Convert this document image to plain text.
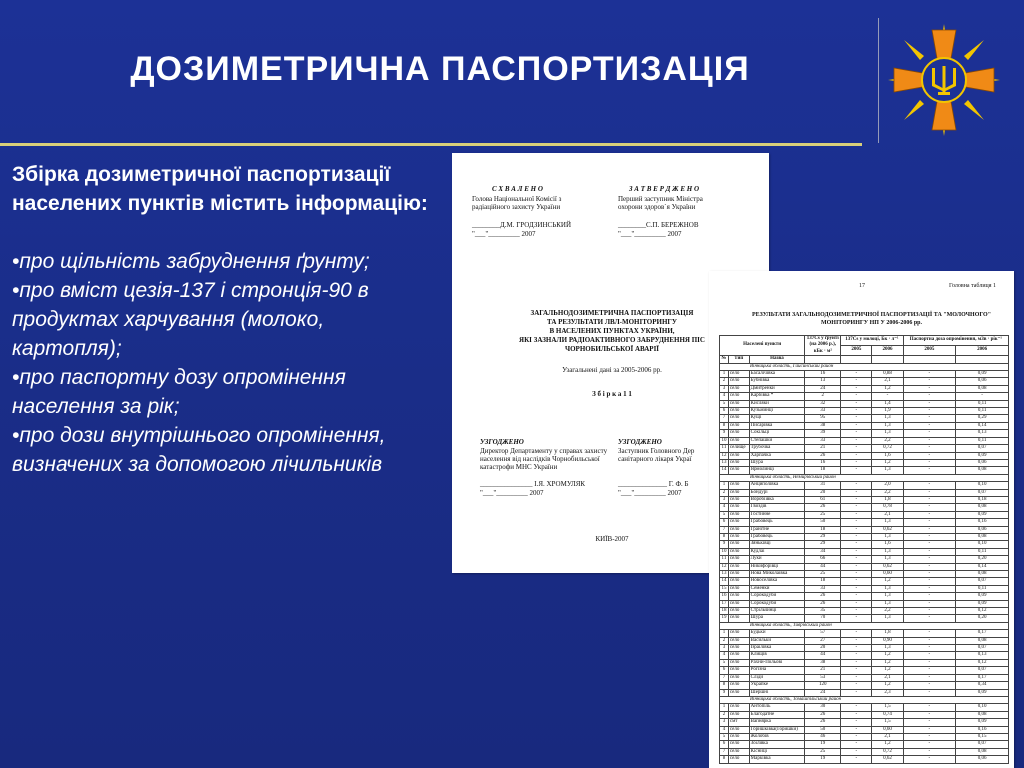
ДОЗИМЕТРИЧНА ПАСПОРТИЗАЦІЯ
Збірка дозиметричної паспортизації населених пунктів містить інформацію:
•про щільність забруднення ґрунту;
•про вміст цезія-137 і стронція-90 в продуктах харчування (молоко, картопля);
•про паспортну дозу опромінення населення за рік;
•про дози внутрішнього опромінення, визначених за допомогою лічильників
С Х В А Л Е Н О
Голова Національної Комісії з
радіаційного захисту України
________Д.М. ГРОДЗИНСЬКИЙ
"___"_________ 2007
З А Т В Е Р Д Ж Е Н О
Перший заступник Міністра
охорони здоров`я України
________С.П. БЕРЕЖНОВ
"___"_________ 2007
ЗАГАЛЬНОДОЗИМЕТРИЧНА ПАСПОРТИЗАЦІЯ
ТА РЕЗУЛЬТАТИ ЛВЛ-МОНІТОРИНГУ
В НАСЕЛЕНИХ ПУНКТАХ УКРАЇНИ,
ЯКІ ЗАЗНАЛИ РАДІОАКТИВНОГО ЗАБРУДНЕННЯ ПІС
ЧОРНОБИЛЬСЬКОЇ АВАРІЇ
Узагальнені дані за 2005-2006 рр.
З б і р к а 1 1
УЗГОДЖЕНО
Директор Департаменту у справах захисту
населення від наслідків Чорнобильської
катастрофи МНС України
_______________ І.Я. ХРОМУЛЯК
"___"_________ 2007
УЗГОДЖЕНО
Заступник Головного Дер
санітарного лікаря Украї
______________ Г. Ф. Б
"___"_________ 2007
КИЇВ-2007
17	Головна таблиця 1
РЕЗУЛЬТАТИ ЗАГАЛЬНОДОЗИМЕТРИЧНОЇ ПАСПОРТИЗАЦІЇ ТА "МОЛОЧНОГО"
МОНІТОРИНГУ НП У 2006-2006 рр.
Населені пункти			137Cs у ґрунті (на 2006 р.), кБк · м²	137Cs у молоці, Бк · л⁻¹		Паспортна доза опромінення, мЗв · рік⁻¹	
				2005	2006	2005	2006
№	Тип	Назва					
Вінницька область, Гайсинський район							
1	село	Басалічівка	16	-	0,88	-	0,09
2	село	Бубнівка	13	-	2,1	-	0,06
3	село	Дмитренки	24	-	1,2	-	0,08
4	село	Карбівка *	2	-	-	-	-
5	село	Кисляки	32	-	1,4	-	0,11
6	село	Кузьминці	33	-	1,9	-	0,11
7	село	Кущі	95	-	1,3	-	0,29
8	село	Писарівка	38	-	1,3	-	0,14
9	село	Сокільці	39	-	1,3	-	0,13
10	село	Степашки	33	-	2,2	-	0,11
11	селище	Трубочка	21	-	0,72	-	0,07
12	село	Харпачка	26	-	1,6	-	0,09
13	село	Шура	16	-	1,2	-	0,06
14	село	Ярмолинці	18	-	1,3	-	0,08
Вінницька область, Немирівський район							
1	село	Анциполівка	31	-	2,0	-	0,10
2	село	Бондурі	20	-	2,2	-	0,07
3	село	Воробіївка	61	-	1,8	-	0,18
4	село	Гвоздів	26	-	0,78	-	0,08
5	село	Гостинне	25	-	2,1	-	0,09
6	село	Грабовець	50	-	1,3	-	0,16
7	село	Гранітне	18	-	0,62	-	0,06
8	село	Грабовець	29	-	1,3	-	0,08
9	село	Зяньківці	29	-	1,6	-	0,10
10	село	Кудлаї	34	-	1,3	-	0,11
11	село	Луки	66	-	1,3	-	0,20
12	село	Никифорівці	44	-	0,62	-	0,14
13	село	Нова Миколаївка	25	-	0,60	-	0,08
14	село	Новоселівка	18	-	1,2	-	0,07
15	село	Семенки	33	-	1,3	-	0,11
16	село	Сорокодуби	26	-	1,3	-	0,09
17	село	Сорокодуби	26	-	1,3	-	0,09
18	село	Стрільчинці	35	-	2,2	-	0,12
19	село	Шура	70	-	1,3	-	0,20
Вінницька область, Тиврівський район							
1	село	Будьки	57	-	1,8	-	0,17
2	село	Васильки	27	-	0,90	-	0,08
3	село	Ізраїлівка	20	-	1,3	-	0,07
4	село	Клищів	44	-	1,2	-	0,13
5	село	Рахни-Польові	38	-	1,2	-	0,12
6	село	Рогізна	21	-	1,2	-	0,07
7	село	Сліди	53	-	2,1	-	0,17
8	село	Украпке	120	-	1,2	-	0,34
9	село	Шершні	24	-	2,3	-	0,09
Вінницька область, Томашпільський район							
1	село	Антопіль	30	-	1,5	-	0,10
2	село	Благодатне	26	-	0,74	-	0,08
3	смт	Вапнярка	26	-	1,5	-	0,09
4	село	Горишківка(Горишки)	50	-	0,60	-	0,16
5	село	Жолобів	46	-	2,1	-	0,15
6	село	Зоїлівка	19	-	1,2	-	0,07
7	село	Кісниці	25	-	0,72	-	0,08
8	село	Марківка	19	-	0,62	-	0,06
